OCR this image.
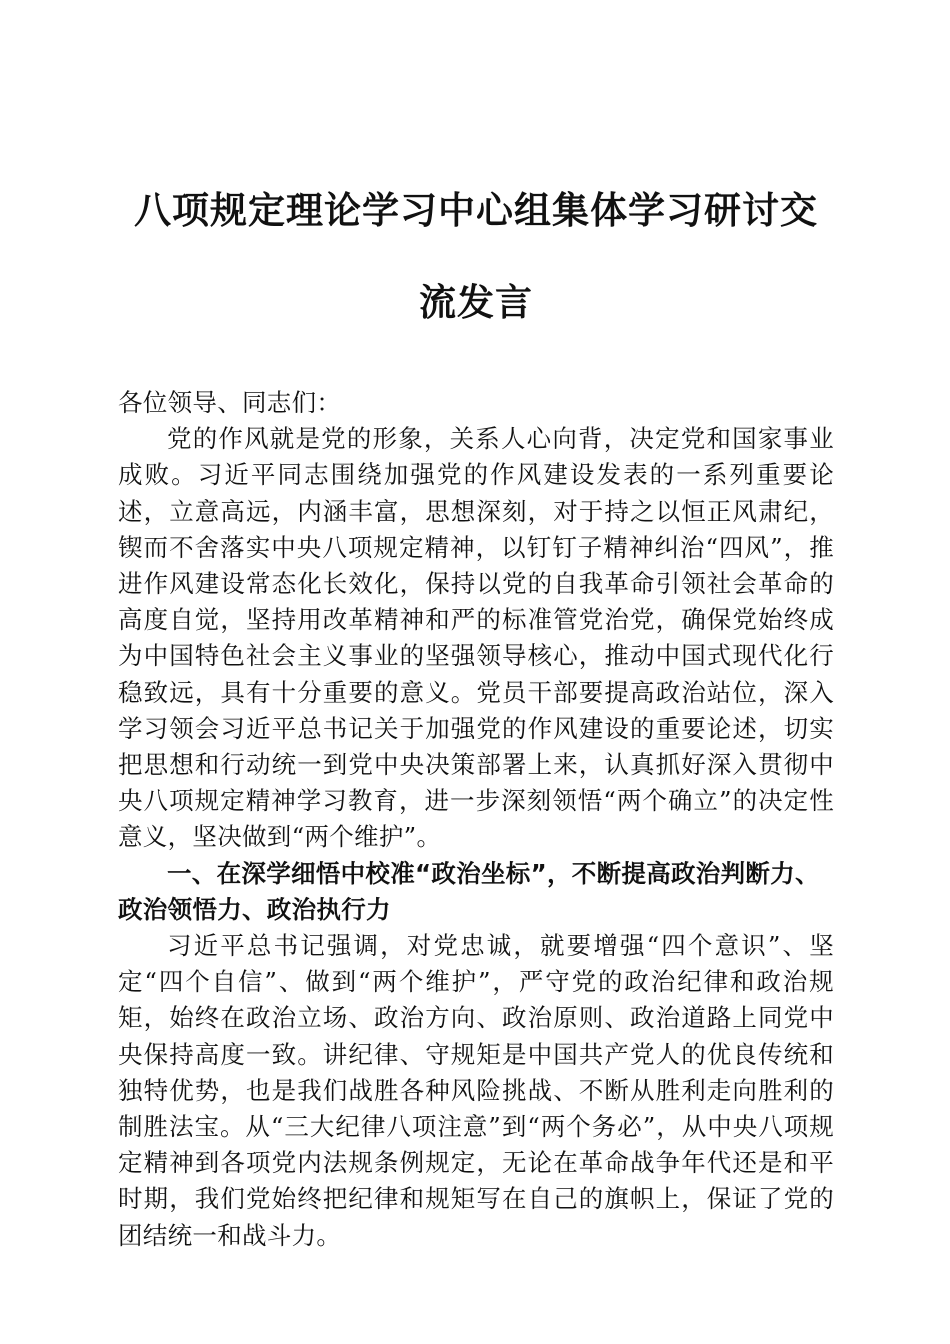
八项规定理论学习中心组集体学习研讨交流发言

各位领导、同志们：

党的作风就是党的形象，关系人心向背，决定党和国家事业成败。习近平同志围绕加强党的作风建设发表的一系列重要论述，立意高远，内涵丰富，思想深刻，对于持之以恒正风肃纪，锲而不舍落实中央八项规定精神，以钉钉子精神纠治“四风”，推进作风建设常态化长效化，保持以党的自我革命引领社会革命的高度自觉，坚持用改革精神和严的标准管党治党，确保党始终成为中国特色社会主义事业的坚强领导核心，推动中国式现代化行稳致远，具有十分重要的意义。党员干部要提高政治站位，深入学习领会习近平总书记关于加强党的作风建设的重要论述，切实把思想和行动统一到党中央决策部署上来，认真抓好深入贯彻中央八项规定精神学习教育，进一步深刻领悟“两个确立”的决定性意义，坚决做到“两个维护”。

一、在深学细悟中校准“政治坐标”，不断提高政治判断力、政治领悟力、政治执行力

习近平总书记强调，对党忠诚，就要增强“四个意识”、坚定“四个自信”、做到“两个维护”，严守党的政治纪律和政治规矩，始终在政治立场、政治方向、政治原则、政治道路上同党中央保持高度一致。讲纪律、守规矩是中国共产党人的优良传统和独特优势，也是我们战胜各种风险挑战、不断从胜利走向胜利的制胜法宝。从“三大纪律八项注意”到“两个务必”，从中央八项规定精神到各项党内法规条例规定，无论在革命战争年代还是和平时期，我们党始终把纪律和规矩写在自己的旗帜上，保证了党的团结统一和战斗力。
